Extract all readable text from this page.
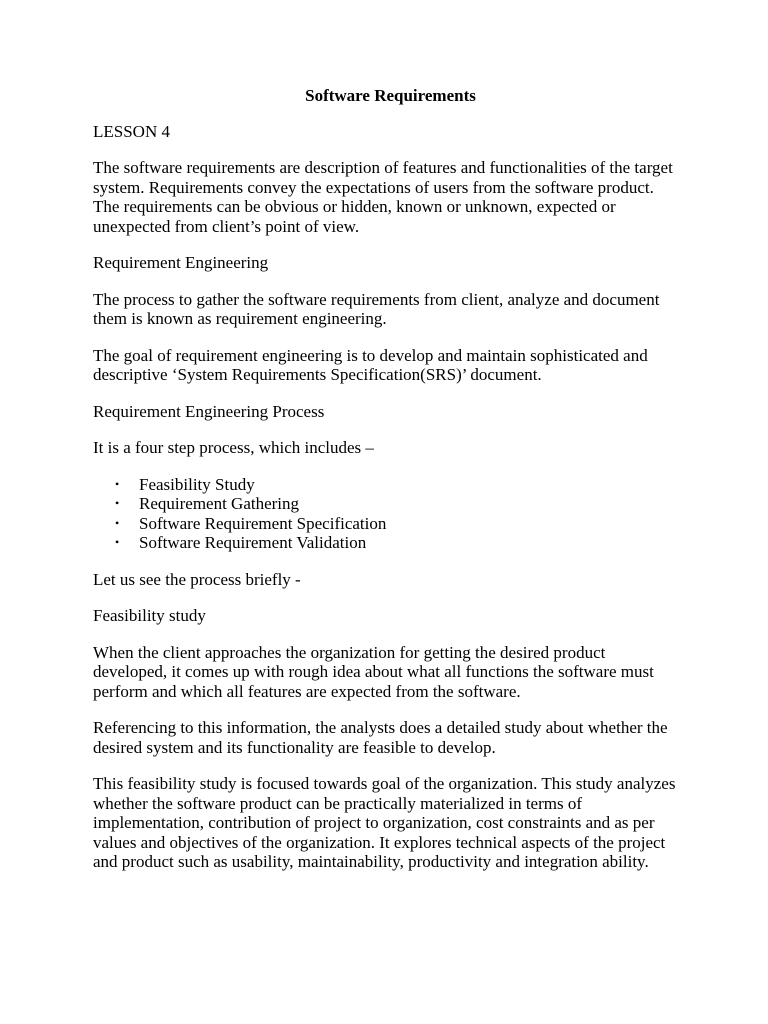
Software Requirements

LESSON 4

The software requirements are description of features and functionalities of the target system. Requirements convey the expectations of users from the software product. The requirements can be obvious or hidden, known or unknown, expected or unexpected from client’s point of view.

Requirement Engineering

The process to gather the software requirements from client, analyze and document them is known as requirement engineering.

The goal of requirement engineering is to develop and maintain sophisticated and descriptive ‘System Requirements Specification(SRS)’ document.

Requirement Engineering Process

It is a four step process, which includes –

• Feasibility Study
• Requirement Gathering
• Software Requirement Specification
• Software Requirement Validation

Let us see the process briefly -

Feasibility study

When the client approaches the organization for getting the desired product developed, it comes up with rough idea about what all functions the software must perform and which all features are expected from the software.

Referencing to this information, the analysts does a detailed study about whether the desired system and its functionality are feasible to develop.

This feasibility study is focused towards goal of the organization. This study analyzes whether the software product can be practically materialized in terms of implementation, contribution of project to organization, cost constraints and as per values and objectives of the organization. It explores technical aspects of the project and product such as usability, maintainability, productivity and integration ability.
